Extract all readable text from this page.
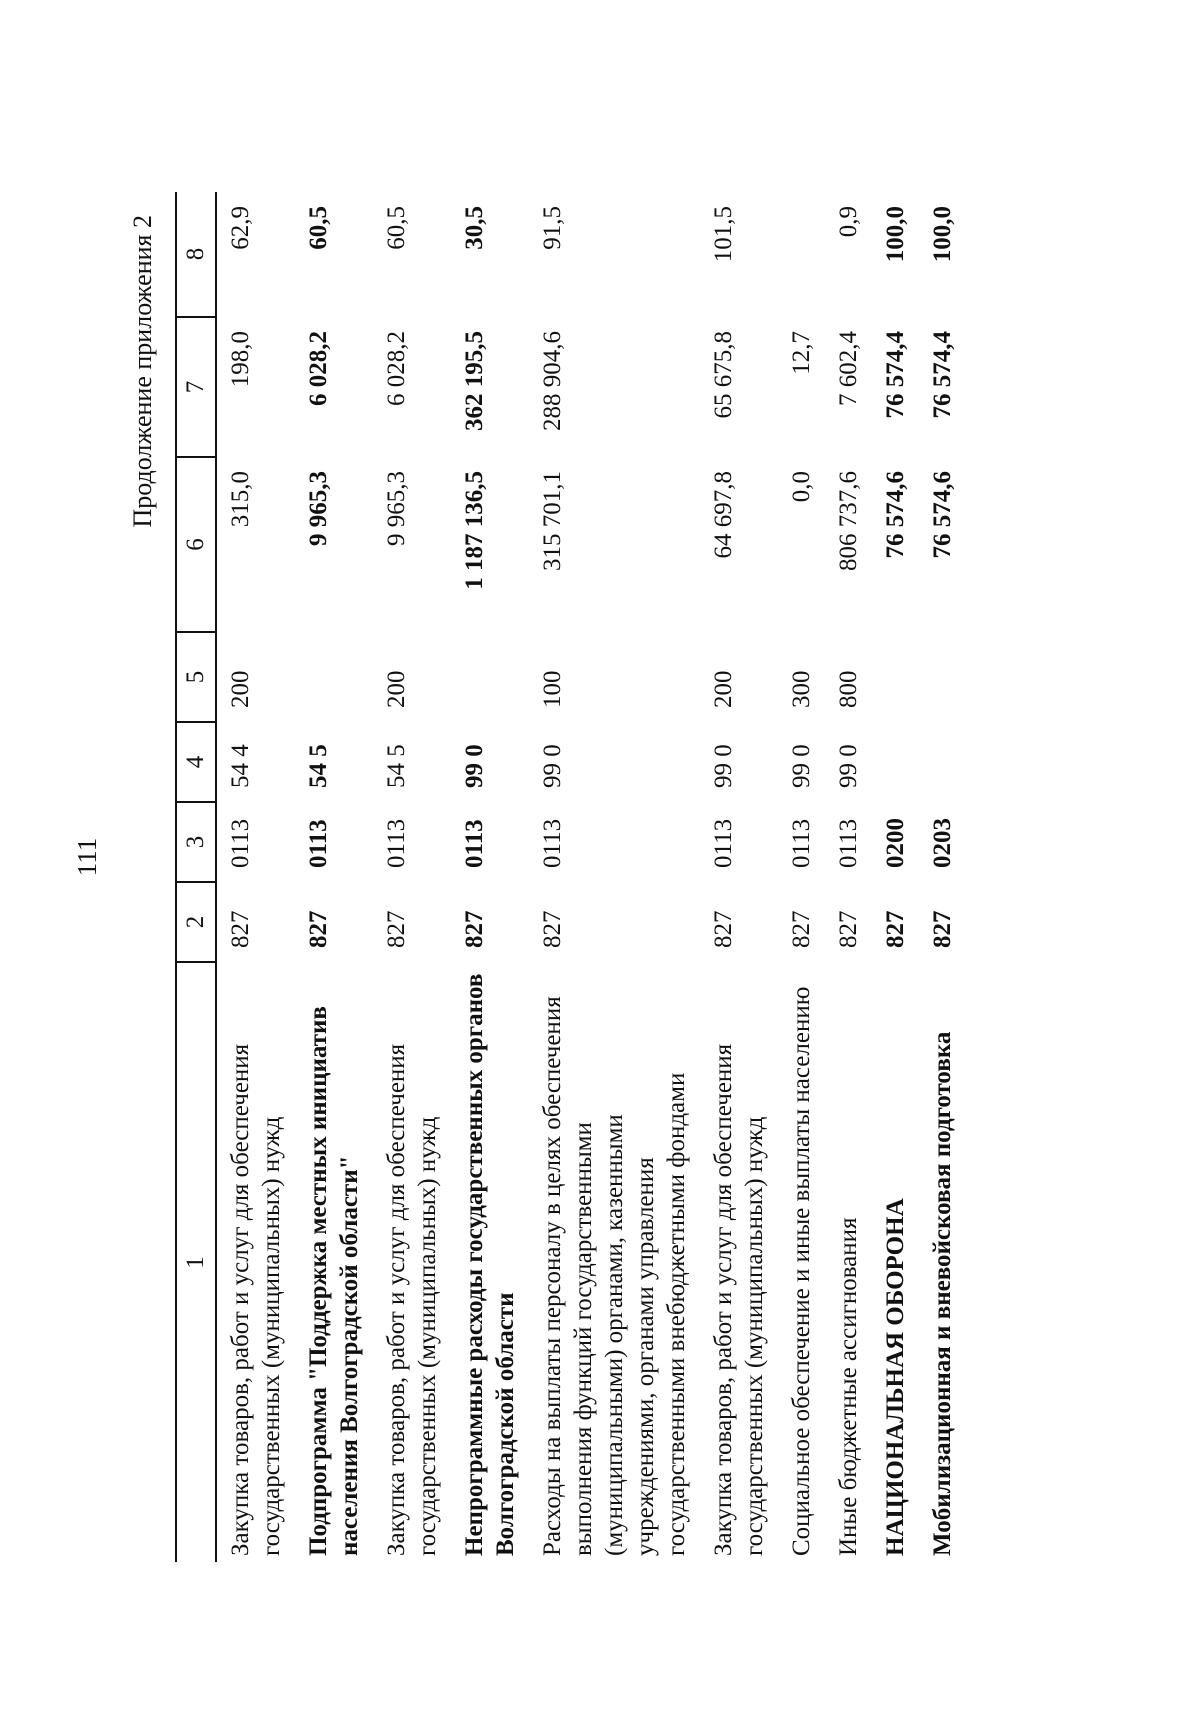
111
Продолжение приложения 2
1	2	3	4	5	6	7	8
Закупка товаров, работ и услуг для обеспечения государственных (муниципальных) нужд	827	0113	54 4	200	315,0	198,0	62,9
Подпрограмма "Поддержка местных инициатив населения Волгоградской области"	827	0113	54 5		9 965,3	6 028,2	60,5
Закупка товаров, работ и услуг для обеспечения государственных (муниципальных) нужд	827	0113	54 5	200	9 965,3	6 028,2	60,5
Непрограммные расходы государственных органов Волгоградской области	827	0113	99 0		1 187 136,5	362 195,5	30,5
Расходы на выплаты персоналу в целях обеспечения выполнения функций государственными (муниципальными) органами, казенными учреждениями, органами управления государственными внебюджетными фондами	827	0113	99 0	100	315 701,1	288 904,6	91,5
Закупка товаров, работ и услуг для обеспечения государственных (муниципальных) нужд	827	0113	99 0	200	64 697,8	65 675,8	101,5
Социальное обеспечение и иные выплаты населению	827	0113	99 0	300	0,0	12,7	
Иные бюджетные ассигнования	827	0113	99 0	800	806 737,6	7 602,4	0,9
НАЦИОНАЛЬНАЯ ОБОРОНА	827	0200			76 574,6	76 574,4	100,0
Мобилизационная и вневойсковая подготовка	827	0203			76 574,6	76 574,4	100,0
